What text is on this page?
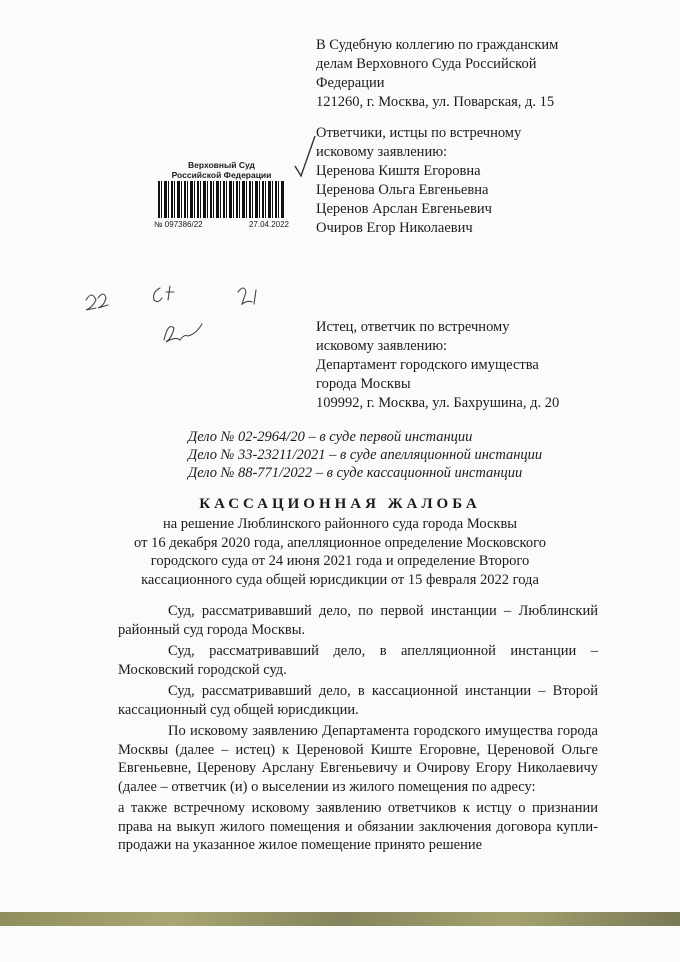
В Судебную коллегию по гражданским
делам Верховного Суда Российской
Федерации
121260, г. Москва, ул. Поварская, д. 15
Ответчики, истцы по встречному
исковому заявлению:
Церенова Киштя Егоровна
Церенова Ольга Евгеньевна
Церенов Арслан Евгеньевич
Очиров Егор Николаевич
Верховный Суд
Российской Федерации
№ 097386/22	27.04.2022
Истец, ответчик по встречному
исковому заявлению:
Департамент городского имущества
города Москвы
109992, г. Москва, ул. Бахрушина, д. 20
Дело № 02-2964/20 – в суде первой инстанции
Дело № 33-23211/2021 – в суде апелляционной инстанции
Дело № 88-771/2022 – в суде кассационной инстанции
КАССАЦИОННАЯ ЖАЛОБА
на решение Люблинского районного суда города Москвы
от 16 декабря 2020 года, апелляционное определение Московского
городского суда от 24 июня 2021 года и определение Второго
кассационного суда общей юрисдикции от 15 февраля 2022 года
Суд, рассматривавший дело, по первой инстанции – Люблинский районный суд города Москвы.
Суд, рассматривавший дело, в апелляционной инстанции – Московский городской суд.
Суд, рассматривавший дело, в кассационной инстанции – Второй кассационный суд общей юрисдикции.
По исковому заявлению Департамента городского имущества города Москвы (далее – истец) к Цереновой Киште Егоровне, Цереновой Ольге Евгеньевне, Церенову Арслану Евгеньевичу и Очирову Егору Николаевичу (далее – ответчик (и) о выселении из жилого помещения по адресу:
а также встречному исковому заявлению ответчиков к истцу о признании права на выкуп жилого помещения и обязании заключения договора купли-продажи на указанное жилое помещение принято решение
